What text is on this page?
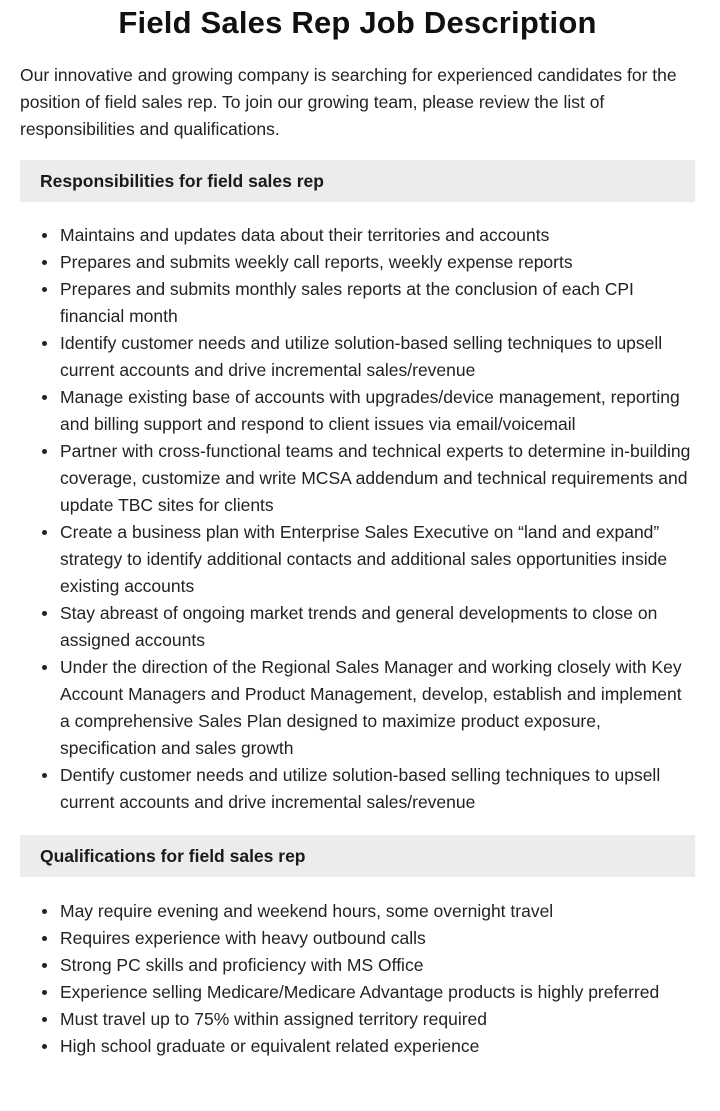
Field Sales Rep Job Description

Our innovative and growing company is searching for experienced candidates for the position of field sales rep. To join our growing team, please review the list of responsibilities and qualifications.

Responsibilities for field sales rep
Maintains and updates data about their territories and accounts
Prepares and submits weekly call reports, weekly expense reports
Prepares and submits monthly sales reports at the conclusion of each CPI financial month
Identify customer needs and utilize solution-based selling techniques to upsell current accounts and drive incremental sales/revenue
Manage existing base of accounts with upgrades/device management, reporting and billing support and respond to client issues via email/voicemail
Partner with cross-functional teams and technical experts to determine in-building coverage, customize and write MCSA addendum and technical requirements and update TBC sites for clients
Create a business plan with Enterprise Sales Executive on “land and expand” strategy to identify additional contacts and additional sales opportunities inside existing accounts
Stay abreast of ongoing market trends and general developments to close on assigned accounts
Under the direction of the Regional Sales Manager and working closely with Key Account Managers and Product Management, develop, establish and implement a comprehensive Sales Plan designed to maximize product exposure, specification and sales growth
Dentify customer needs and utilize solution-based selling techniques to upsell current accounts and drive incremental sales/revenue
Qualifications for field sales rep
May require evening and weekend hours, some overnight travel
Requires experience with heavy outbound calls
Strong PC skills and proficiency with MS Office
Experience selling Medicare/Medicare Advantage products is highly preferred
Must travel up to 75% within assigned territory required
High school graduate or equivalent related experience
